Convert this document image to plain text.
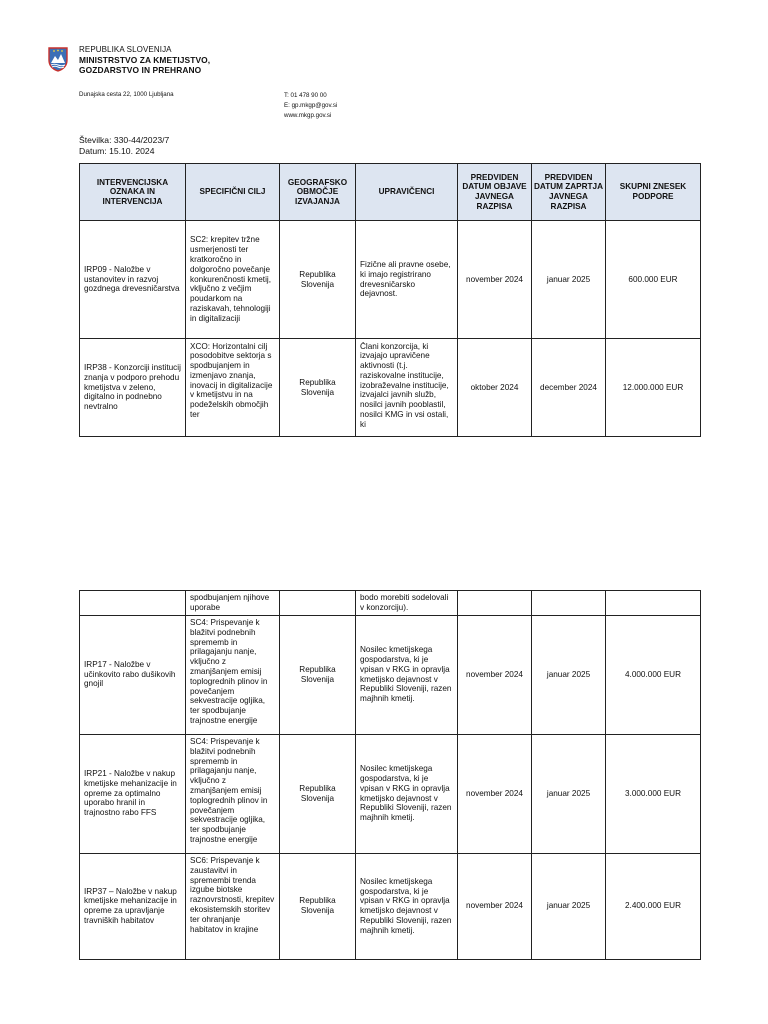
REPUBLIKA SLOVENIJA
MINISTRSTVO ZA KMETIJSTVO,
GOZDARSTVO IN PREHRANO
Dunajska cesta 22, 1000 Ljubljana	T: 01 478 90 00
E: gp.mkgp@gov.si
www.mkgp.gov.si
Številka: 330-44/2023/7
Datum: 15.10. 2024
INTERVENCIJSKA OZNAKA IN INTERVENCIJA	SPECIFIČNI CILJ	GEOGRAFSKO OBMOČJE IZVAJANJA	UPRAVIČENCI	PREDVIDEN DATUM OBJAVE JAVNEGA RAZPISA	PREDVIDEN DATUM ZAPRTJA JAVNEGA RAZPISA	SKUPNI ZNESEK PODPORE
IRP09 - Naložbe v ustanovitev in razvoj gozdnega drevesničarstva	SC2: krepitev tržne usmerjenosti ter kratkoročno in dolgoročno povečanje konkurenčnosti kmetij, vključno z večjim poudarkom na raziskavah, tehnologiji in digitalizaciji	Republika Slovenija	Fizične ali pravne osebe, ki imajo registrirano drevesničarsko dejavnost.	november 2024	januar 2025	600.000 EUR
IRP38 - Konzorciji institucij znanja v podporo prehodu kmetijstva v zeleno, digitalno in podnebno nevtralno	XCO: Horizontalni cilj posodobitve sektorja s spodbujanjem in izmenjavo znanja, inovacij in digitalizacije v kmetijstvu in na podeželskih območjih ter	Republika Slovenija	Člani konzorcija, ki izvajajo upravičene aktivnosti (t.j. raziskovalne institucije, izobraževalne institucije, izvajalci javnih služb, nosilci javnih pooblastil, nosilci KMG in vsi ostali, ki	oktober 2024	december 2024	12.000.000 EUR
	spodbujanjem njihove uporabe		bodo morebiti sodelovali v konzorciju).			
IRP17 - Naložbe v učinkovito rabo dušikovih gnojil	SC4: Prispevanje k blažitvi podnebnih sprememb in prilagajanju nanje, vključno z zmanjšanjem emisij toplogrednih plinov in povečanjem sekvestracije ogljika, ter spodbujanje trajnostne energije	Republika Slovenija	Nosilec kmetijskega gospodarstva, ki je vpisan v RKG in opravlja kmetijsko dejavnost v Republiki Sloveniji, razen majhnih kmetij.	november 2024	januar 2025	4.000.000 EUR
IRP21 - Naložbe v nakup kmetijske mehanizacije in opreme za optimalno uporabo hranil in trajnostno rabo FFS	SC4: Prispevanje k blažitvi podnebnih sprememb in prilagajanju nanje, vključno z zmanjšanjem emisij toplogrednih plinov in povečanjem sekvestracije ogljika, ter spodbujanje trajnostne energije	Republika Slovenija	Nosilec kmetijskega gospodarstva, ki je vpisan v RKG in opravlja kmetijsko dejavnost v Republiki Sloveniji, razen majhnih kmetij.	november 2024	januar 2025	3.000.000 EUR
IRP37 – Naložbe v nakup kmetijske mehanizacije in opreme za upravljanje travniških habitatov	SC6: Prispevanje k zaustavitvi in spremembi trenda izgube biotske raznovrstnosti, krepitev ekosistemskih storitev ter ohranjanje habitatov in krajine	Republika Slovenija	Nosilec kmetijskega gospodarstva, ki je vpisan v RKG in opravlja kmetijsko dejavnost v Republiki Sloveniji, razen majhnih kmetij.	november 2024	januar 2025	2.400.000 EUR
